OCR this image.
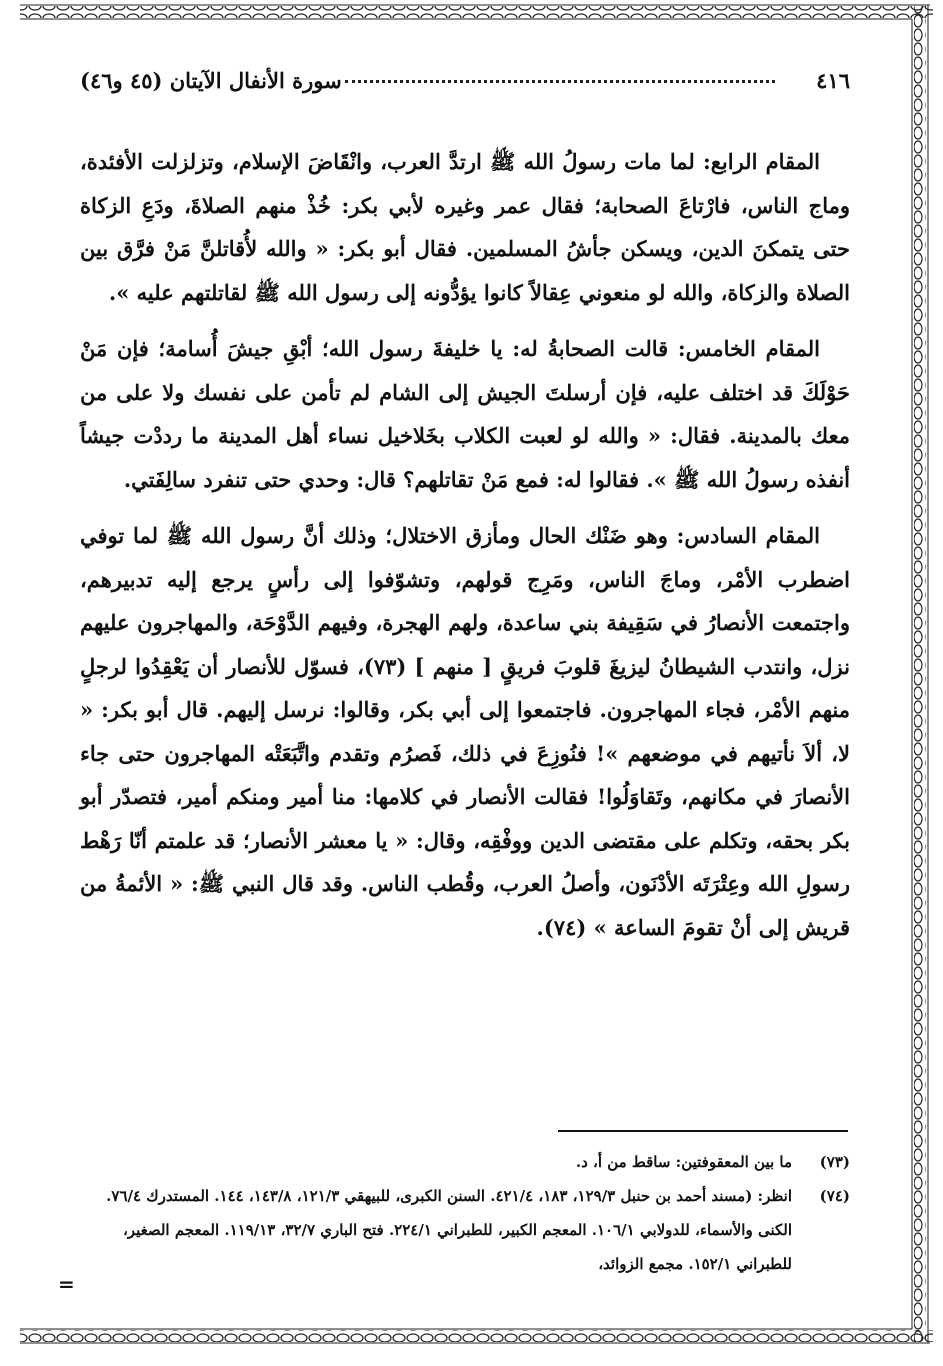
٤١٦
سورة الأنفال الآيتان (٤٥ و٤٦)

المقام الرابع: لما مات رسولُ الله ﷺ ارتدَّ العرب، وانْقَاضَ الإسلام، وتزلزلت الأفئدة، وماج الناس، فارْتاعَ الصحابة؛ فقال عمر وغيره لأبي بكر: خُذْ منهم الصلاةَ، ودَعِ الزكاة حتى يتمكنَ الدين، ويسكن جأشُ المسلمين. فقال أبو بكر: « والله لأُقاتلنَّ مَنْ فرَّق بين الصلاة والزكاة، والله لو منعوني عِقالاً كانوا يؤدُّونه إلى رسول الله ﷺ لقاتلتهم عليه ».

المقام الخامس: قالت الصحابةُ له: يا خليفةَ رسول الله؛ أبْقِ جيشَ أُسامة؛ فإن مَنْ حَوْلَكَ قد اختلف عليه، فإن أرسلتَ الجيش إلى الشام لم تأمن على نفسك ولا على من معك بالمدينة. فقال: « والله لو لعبت الكلاب بخَلاخيل نساء أهل المدينة ما رددْت جيشاً أنفذه رسولُ الله ﷺ ». فقالوا له: فمع مَنْ تقاتلهم؟ قال: وحدي حتى تنفرد سالِفَتي.

المقام السادس: وهو ضَنْك الحال ومأزق الاختلال؛ وذلك أنَّ رسول الله ﷺ لما توفي اضطرب الأمْر، وماجَ الناس، ومَرِج قولهم، وتشوّفوا إلى رأسٍ يرجع إليه تدبيرهم، واجتمعت الأنصارُ في سَقِيفة بني ساعدة، ولهم الهجرة، وفيهم الدَّوْحَة، والمهاجرون عليهم نزل، وانتدب الشيطانُ ليزيغَ قلوبَ فريقٍ [ منهم ] (٧٣)، فسوّل للأنصار أن يَعْقِدُوا لرجلٍ منهم الأمْر، فجاء المهاجرون. فاجتمعوا إلى أبي بكر، وقالوا: نرسل إليهم. قال أبو بكر: « لا، ألاَ نأتيهم في موضعهم »! فنُوزِعَ في ذلك، فَصرُم وتقدم واتَّبَعَتْه المهاجرون حتى جاء الأنصارَ في مكانهم، وتَقاوَلُوا! فقالت الأنصار في كلامها: منا أمير ومنكم أمير، فتصدّر أبو بكر بحقه، وتكلم على مقتضى الدين ووفْقِه، وقال: « يا معشر الأنصار؛ قد علمتم أنّا رَهْط رسولِ الله وعِتْرَتَه الأدْنَون، وأصلُ العرب، وقُطب الناس. وقد قال النبي ﷺ: « الأئمةُ من قريش إلى أنْ تقومَ الساعة » (٧٤).

(٧٣)
ما بين المعقوفتين: ساقط من أ، د.
(٧٤)
انظر: (مسند أحمد بن حنبل ١٢٩/٣، ١٨٣، ٤٢١/٤. السنن الكبرى، للبيهقي ١٢١/٣، ١٤٣/٨، ١٤٤. المستدرك ٧٦/٤. الكنى والأسماء، للدولابي ١٠٦/١. المعجم الكبير، للطبراني ٢٢٤/١. فتح الباري ٣٢/٧، ١١٩/١٣. المعجم الصغير، للطبراني ١٥٢/١. مجمع الزوائد،
=
